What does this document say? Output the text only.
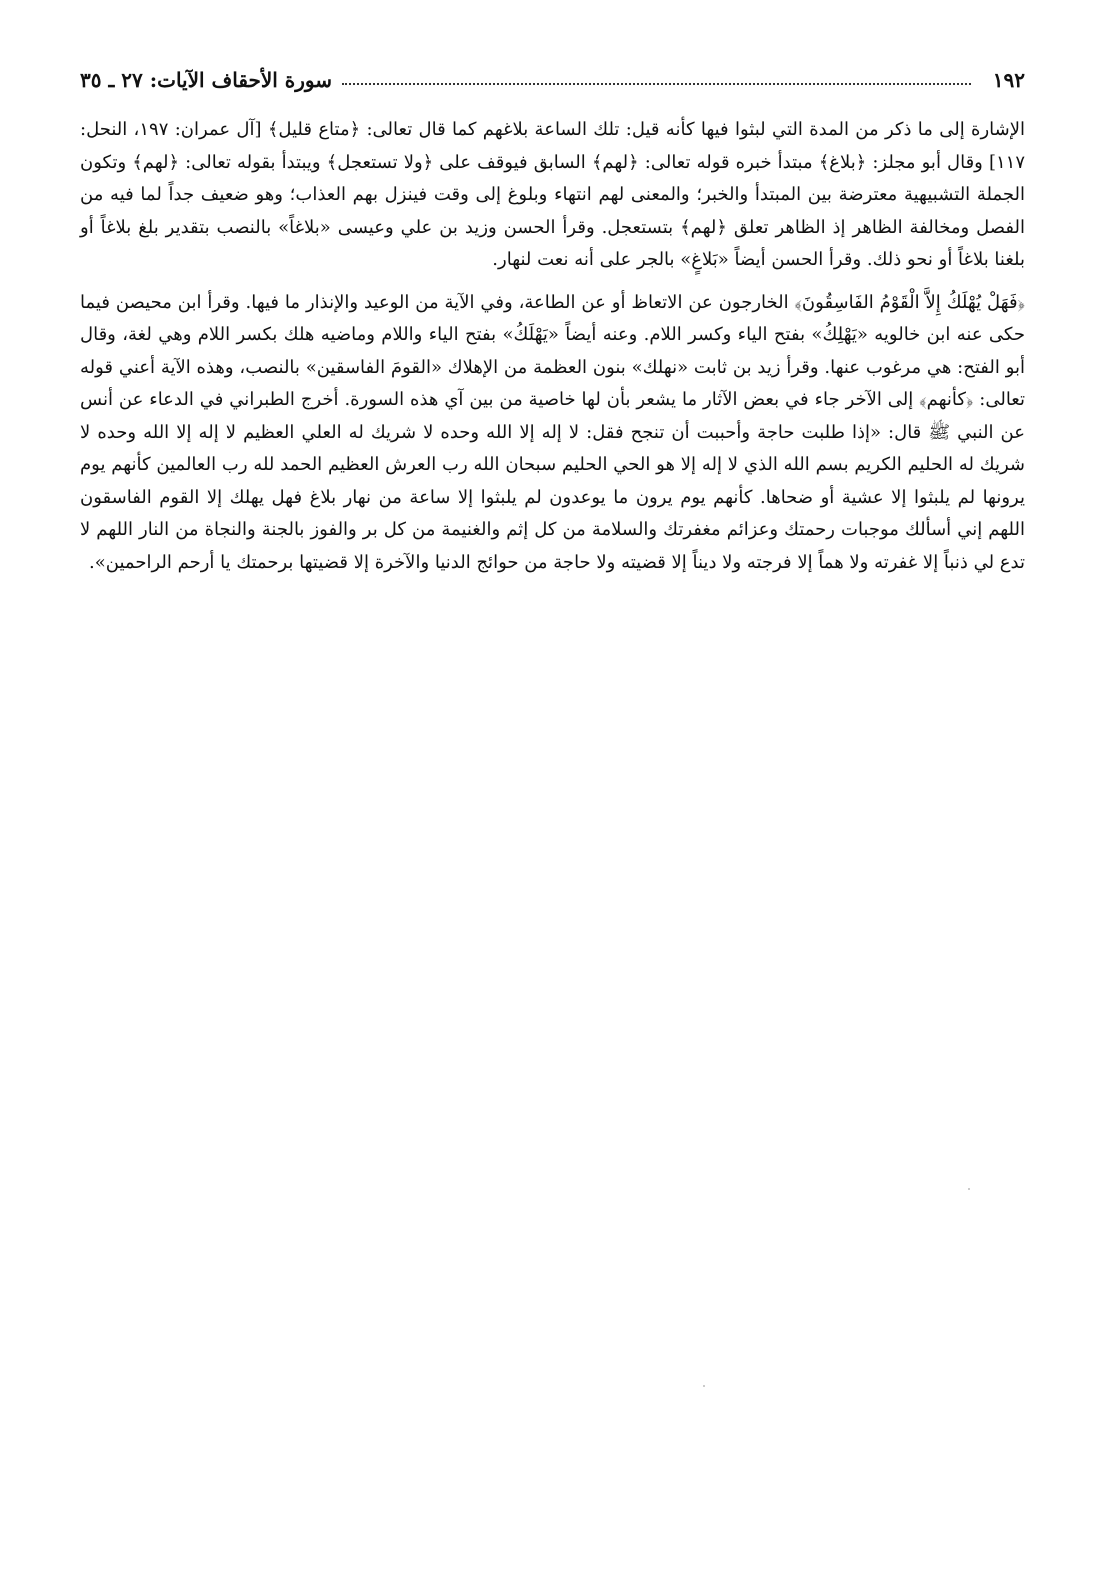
١٩٢
سورة الأحقاف الآيات: ٢٧ ـ ٣٥

الإشارة إلى ما ذكر من المدة التي لبثوا فيها كأنه قيل: تلك الساعة بلاغهم كما قال تعالى: ﴿متاع قليل﴾ [آل عمران: ١٩٧، النحل: ١١٧] وقال أبو مجلز: ﴿بلاغ﴾ مبتدأ خبره قوله تعالى: ﴿لهم﴾ السابق فيوقف على ﴿ولا تستعجل﴾ ويبتدأ بقوله تعالى: ﴿لهم﴾ وتكون الجملة التشبيهية معترضة بين المبتدأ والخبر؛ والمعنى لهم انتهاء وبلوغ إلى وقت فينزل بهم العذاب؛ وهو ضعيف جداً لما فيه من الفصل ومخالفة الظاهر إذ الظاهر تعلق ﴿لهم﴾ بتستعجل. وقرأ الحسن وزيد بن علي وعيسى «بلاغاً» بالنصب بتقدير بلغ بلاغاً أو بلغنا بلاغاً أو نحو ذلك. وقرأ الحسن أيضاً «بَلاغٍ» بالجر على أنه نعت لنهار.

﴿فَهَلْ يُهْلَكُ إِلاَّ الْقَوْمُ الفَاسِقُونَ﴾ الخارجون عن الاتعاظ أو عن الطاعة، وفي الآية من الوعيد والإنذار ما فيها. وقرأ ابن محيصن فيما حكى عنه ابن خالويه «يَهْلِكُ» بفتح الياء وكسر اللام. وعنه أيضاً «يَهْلَكُ» بفتح الياء واللام وماضيه هلك بكسر اللام وهي لغة، وقال أبو الفتح: هي مرغوب عنها. وقرأ زيد بن ثابت «نهلك» بنون العظمة من الإهلاك «القومَ الفاسقين» بالنصب، وهذه الآية أعني قوله تعالى: ﴿كأنهم﴾ إلى الآخر جاء في بعض الآثار ما يشعر بأن لها خاصية من بين آي هذه السورة. أخرج الطبراني في الدعاء عن أنس عن النبي ﷺ قال: «إذا طلبت حاجة وأحببت أن تنجح فقل: لا إله إلا الله وحده لا شريك له العلي العظيم لا إله إلا الله وحده لا شريك له الحليم الكريم بسم الله الذي لا إله إلا هو الحي الحليم سبحان الله رب العرش العظيم الحمد لله رب العالمين كأنهم يوم يرونها لم يلبثوا إلا عشية أو ضحاها. كأنهم يوم يرون ما يوعدون لم يلبثوا إلا ساعة من نهار بلاغ فهل يهلك إلا القوم الفاسقون اللهم إني أسألك موجبات رحمتك وعزائم مغفرتك والسلامة من كل إثم والغنيمة من كل بر والفوز بالجنة والنجاة من النار اللهم لا تدع لي ذنباً إلا غفرته ولا هماً إلا فرجته ولا ديناً إلا قضيته ولا حاجة من حوائج الدنيا والآخرة إلا قضيتها برحمتك يا أرحم الراحمين».
